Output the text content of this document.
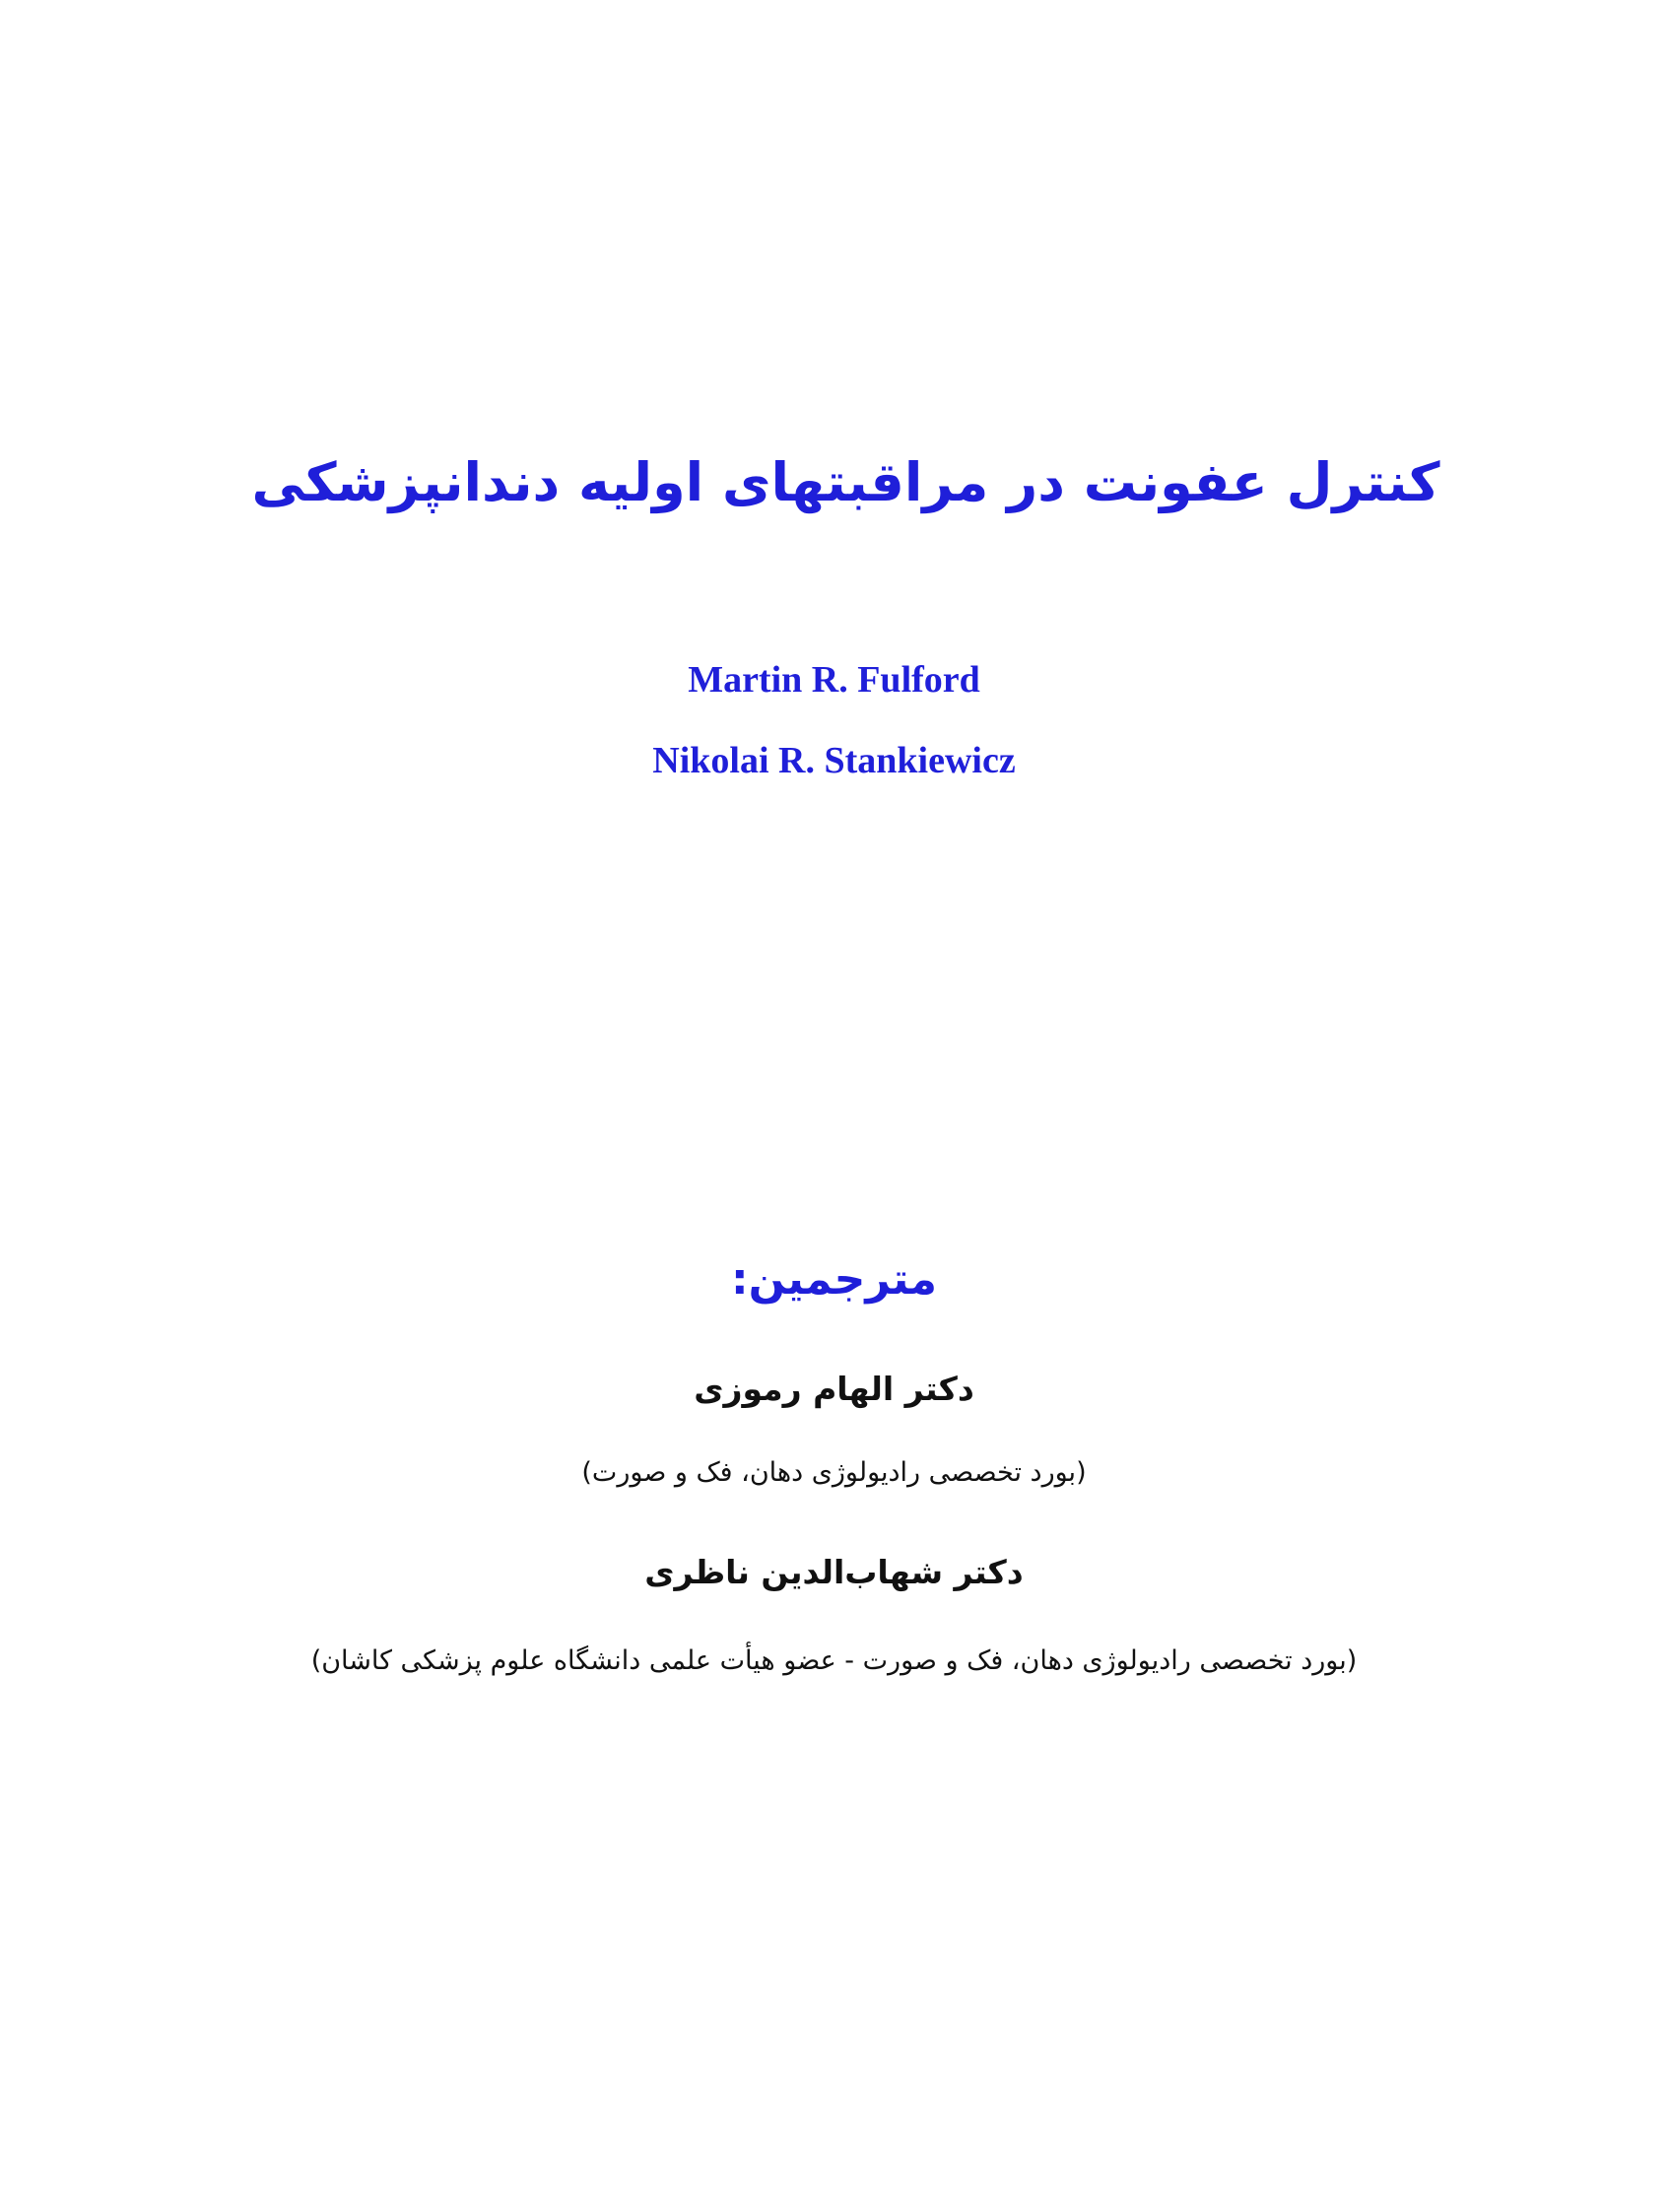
کنترل عفونت در مراقبتهای اولیه دندانپزشکی
Martin R. Fulford
Nikolai R. Stankiewicz
مترجمین:
دکتر الهام رموزی
(بورد تخصصی رادیولوژی دهان، فک و صورت)
دکتر شهاب‌الدین ناظری
(بورد تخصصی رادیولوژی دهان، فک و صورت - عضو هیأت علمی دانشگاه علوم پزشکی کاشان)
